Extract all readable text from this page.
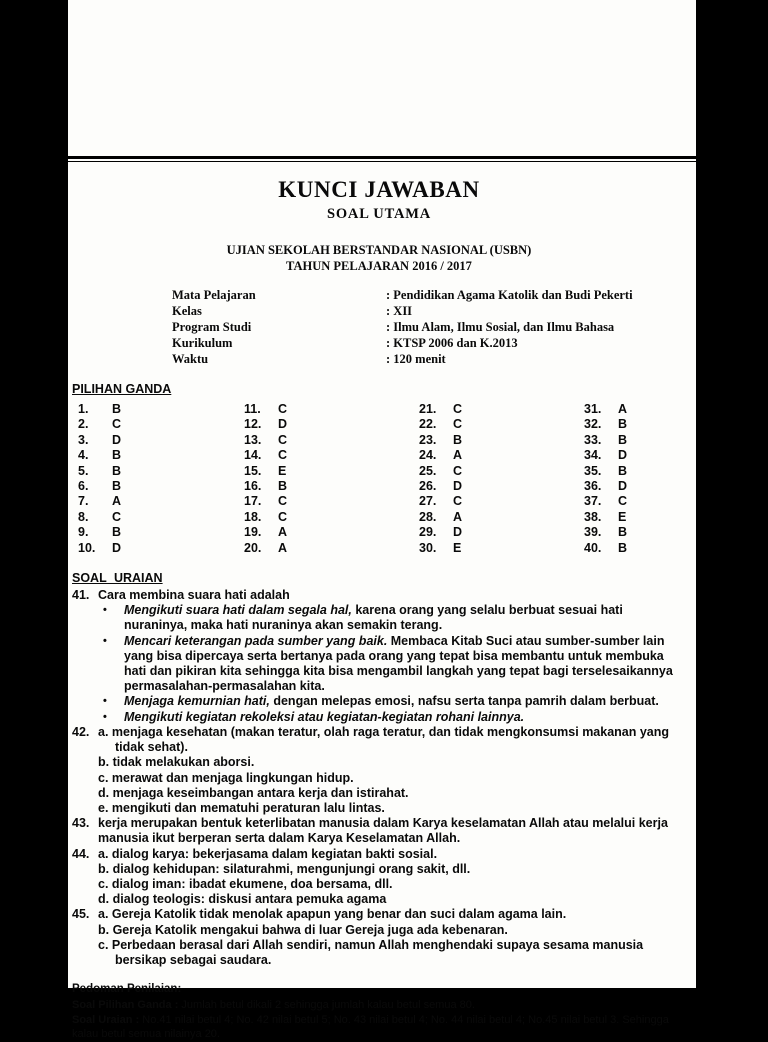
KUNCI JAWABAN
SOAL UTAMA
UJIAN SEKOLAH BERSTANDAR NASIONAL (USBN)
TAHUN PELAJARAN 2016 / 2017
Mata Pelajaran	: Pendidikan Agama Katolik dan Budi Pekerti
Kelas	: XII
Program Studi	: Ilmu Alam, Ilmu Sosial, dan Ilmu Bahasa
Kurikulum	: KTSP 2006 dan K.2013
Waktu	: 120 menit
PILIHAN GANDA
1. B	11. C	21. C	31. A
2. C	12. D	22. C	32. B
3. D	13. C	23. B	33. B
4. B	14. C	24. A	34. D
5. B	15. E	25. C	35. B
6. B	16. B	26. D	36. D
7. A	17. C	27. C	37. C
8. C	18. C	28. A	38. E
9. B	19. A	29. D	39. B
10. D	20. A	30. E	40. B
SOAL URAIAN
41. Cara membina suara hati adalah
•	Mengikuti suara hati dalam segala hal, karena orang yang selalu berbuat sesuai hati nuraninya, maka hati nuraninya akan semakin terang.
•	Mencari keterangan pada sumber yang baik. Membaca Kitab Suci atau sumber-sumber lain yang bisa dipercaya serta bertanya pada orang yang tepat bisa membantu untuk membuka hati dan pikiran kita sehingga kita bisa mengambil langkah yang tepat bagi terselesaikannya permasalahan-permasalahan kita.
•	Menjaga kemurnian hati, dengan melepas emosi, nafsu serta tanpa pamrih dalam berbuat.
•	Mengikuti kegiatan rekoleksi atau kegiatan-kegiatan rohani lainnya.
42. a. menjaga kesehatan (makan teratur, olah raga teratur, dan tidak mengkonsumsi makanan yang tidak sehat).
b. tidak melakukan aborsi.
c. merawat dan menjaga lingkungan hidup.
d. menjaga keseimbangan antara kerja dan istirahat.
e. mengikuti dan mematuhi peraturan lalu lintas.
43. kerja merupakan bentuk keterlibatan manusia dalam Karya keselamatan Allah atau melalui kerja manusia ikut berperan serta dalam Karya Keselamatan Allah.
44. a. dialog karya: bekerjasama dalam kegiatan bakti sosial.
b. dialog kehidupan: silaturahmi, mengunjungi orang sakit, dll.
c. dialog iman: ibadat ekumene, doa bersama, dll.
d. dialog teologis: diskusi antara pemuka agama
45. a. Gereja Katolik tidak menolak apapun yang benar dan suci dalam agama lain.
b. Gereja Katolik mengakui bahwa di luar Gereja juga ada kebenaran.
c. Perbedaan berasal dari Allah sendiri, namun Allah menghendaki supaya sesama manusia bersikap sebagai saudara.
Pedoman Penilaian:
Soal Pilihan Ganda : Jumlah betul dikali 2 sehingga jumlah kalau betul semua 80.
Soal Uraian : No.41 nilai betul 4; No. 42 nilai betul 5; No. 43 nilai betul 4; No. 44 nilai betul 4; No.45 nilai betul 3. Sehingga kalau betul semua nilainya 20.
